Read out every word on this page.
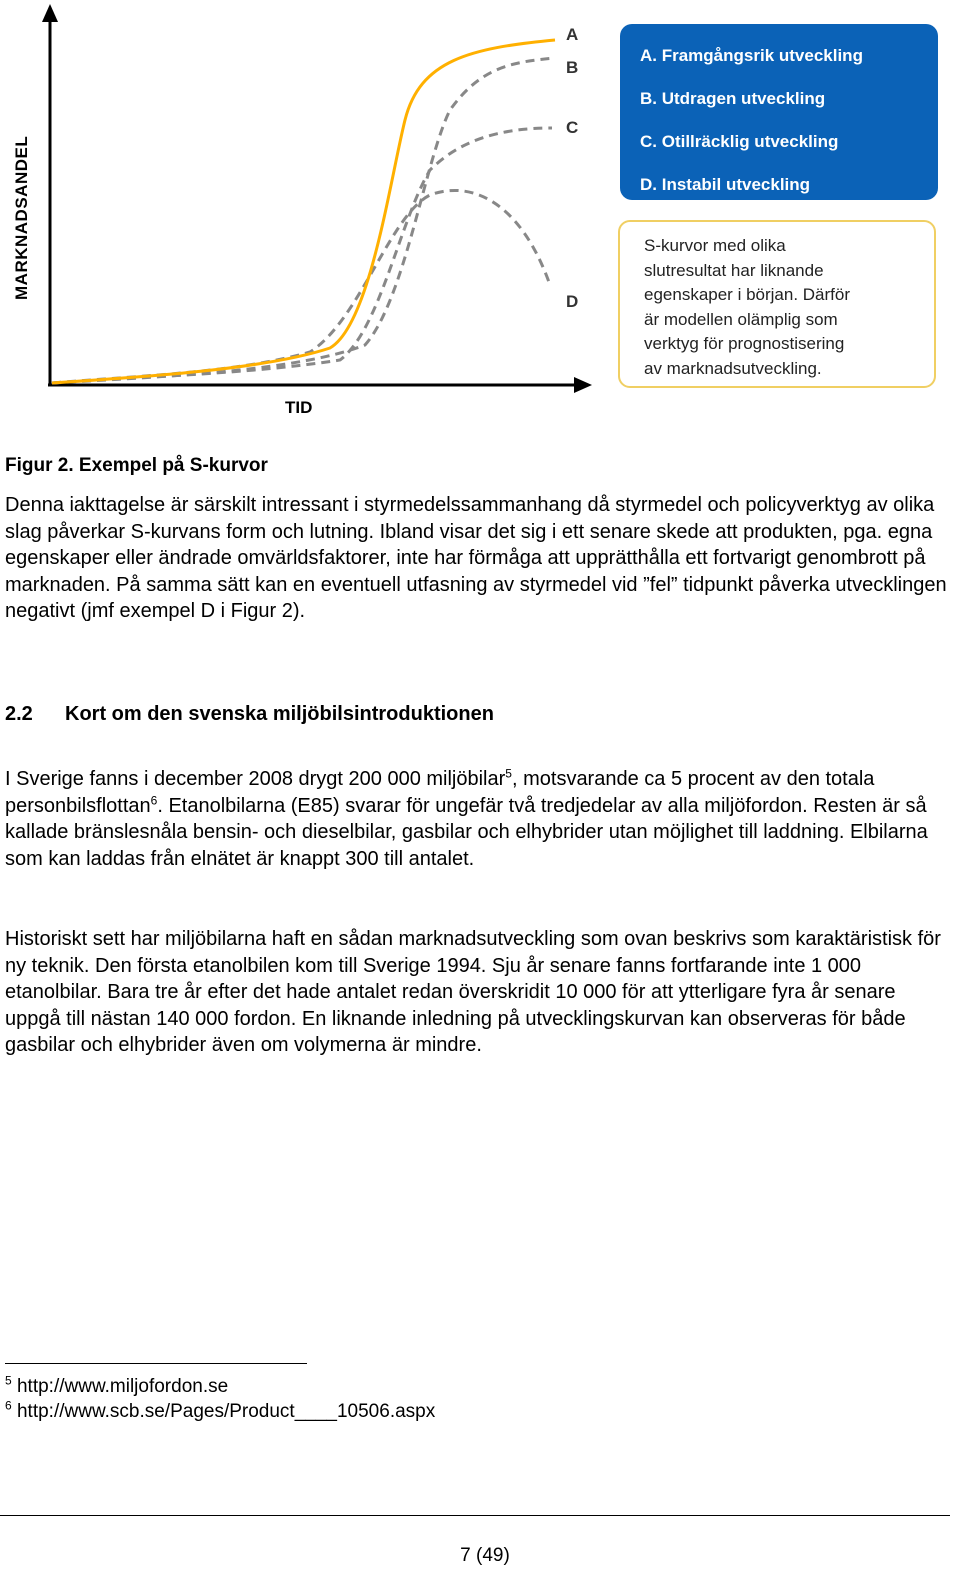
MARKNADSANDEL
TID
A
B
C
D
A. Framgångsrik utveckling
B. Utdragen utveckling
C. Otillräcklig utveckling
D. Instabil utveckling
S-kurvor med olika
slutresultat har liknande
egenskaper i början. Därför
är modellen olämplig som
verktyg för prognostisering
av marknadsutveckling.
Figur 2. Exempel på S-kurvor
Denna iakttagelse är särskilt intressant i styrmedelssammanhang då styrmedel och policyverktyg av olika slag påverkar S-kurvans form och lutning. Ibland visar det sig i ett senare skede att produkten, pga. egna egenskaper eller ändrade omvärldsfaktorer, inte har förmåga att upprätthålla ett fortvarigt genombrott på marknaden. På samma sätt kan en eventuell utfasning av styrmedel vid ”fel” tidpunkt påverka utvecklingen negativt (jmf exempel D i Figur 2).
2.2 Kort om den svenska miljöbilsintroduktionen
I Sverige fanns i december 2008 drygt 200 000 miljöbilar$^5$, motsvarande ca 5 procent av den totala personbilsflottan$^6$. Etanolbilarna (E85) svarar för ungefär två tredjedelar av alla miljöfordon. Resten är så kallade bränslesnåla bensin- och dieselbilar, gasbilar och elhybrider utan möjlighet till laddning. Elbilarna som kan laddas från elnätet är knappt 300 till antalet.
Historiskt sett har miljöbilarna haft en sådan marknadsutveckling som ovan beskrivs som karaktäristisk för ny teknik. Den första etanolbilen kom till Sverige 1994. Sju år senare fanns fortfarande inte 1 000 etanolbilar. Bara tre år efter det hade antalet redan överskridit 10 000 för att ytterligare fyra år senare uppgå till nästan 140 000 fordon. En liknande inledning på utvecklingskurvan kan observeras för både gasbilar och elhybrider även om volymerna är mindre.
$^5$ http://www.miljofordon.se
$^6$ http://www.scb.se/Pages/Product____10506.aspx
7 (49)
